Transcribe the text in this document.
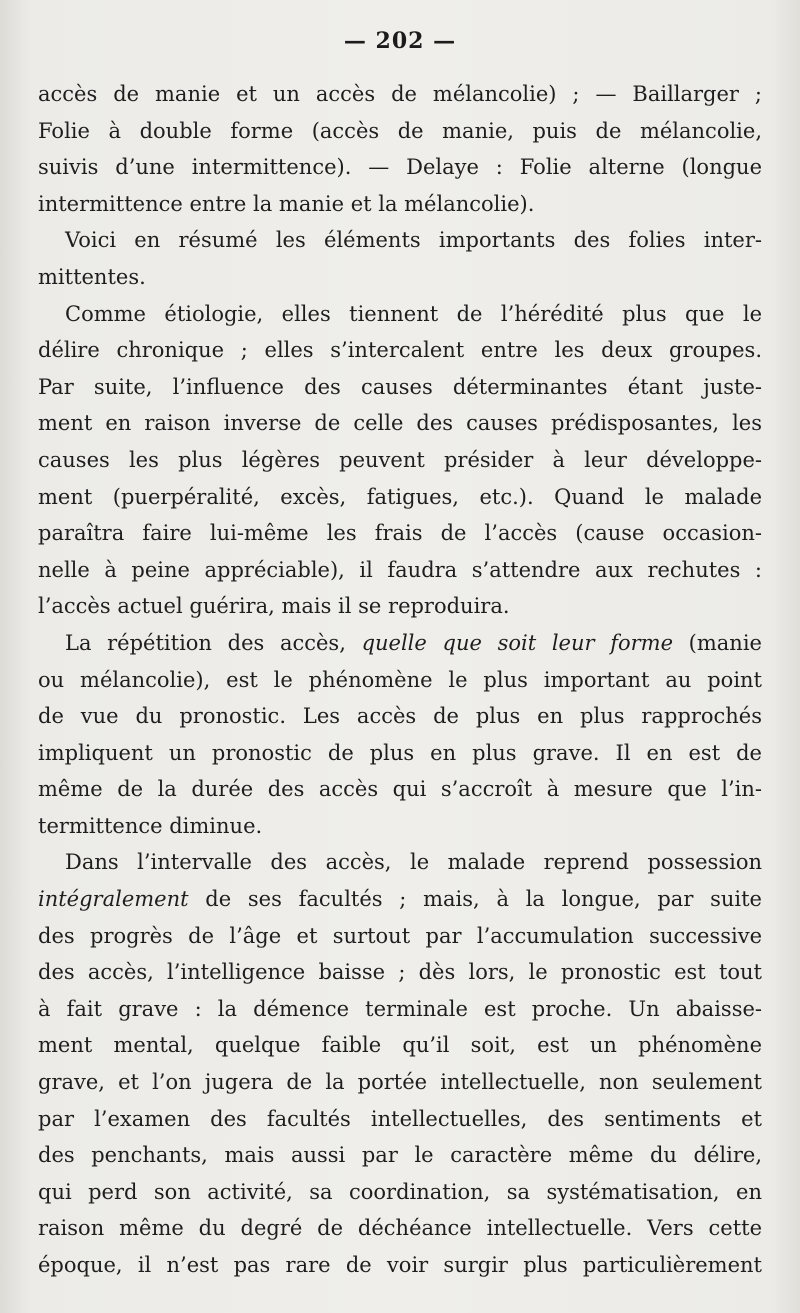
— 202 —
accès de manie et un accès de mélancolie) ; — Baillarger ;
Folie à double forme (accès de manie, puis de mélancolie,
suivis d’une intermittence). — Delaye : Folie alterne (longue
intermittence entre la manie et la mélancolie).
Voici en résumé les éléments importants des folies inter-
mittentes.
Comme étiologie, elles tiennent de l’hérédité plus que le
délire chronique ; elles s’intercalent entre les deux groupes.
Par suite, l’influence des causes déterminantes étant juste-
ment en raison inverse de celle des causes prédisposantes, les
causes les plus légères peuvent présider à leur développe-
ment (puerpéralité, excès, fatigues, etc.). Quand le malade
paraîtra faire lui-même les frais de l’accès (cause occasion-
nelle à peine appréciable), il faudra s’attendre aux rechutes :
l’accès actuel guérira, mais il se reproduira.
La répétition des accès, quelle que soit leur forme (manie
ou mélancolie), est le phénomène le plus important au point
de vue du pronostic. Les accès de plus en plus rapprochés
impliquent un pronostic de plus en plus grave. Il en est de
même de la durée des accès qui s’accroît à mesure que l’in-
termittence diminue.
Dans l’intervalle des accès, le malade reprend possession
intégralement de ses facultés ; mais, à la longue, par suite
des progrès de l’âge et surtout par l’accumulation successive
des accès, l’intelligence baisse ; dès lors, le pronostic est tout
à fait grave : la démence terminale est proche. Un abaisse-
ment mental, quelque faible qu’il soit, est un phénomène
grave, et l’on jugera de la portée intellectuelle, non seulement
par l’examen des facultés intellectuelles, des sentiments et
des penchants, mais aussi par le caractère même du délire,
qui perd son activité, sa coordination, sa systématisation, en
raison même du degré de déchéance intellectuelle. Vers cette
époque, il n’est pas rare de voir surgir plus particulièrement
